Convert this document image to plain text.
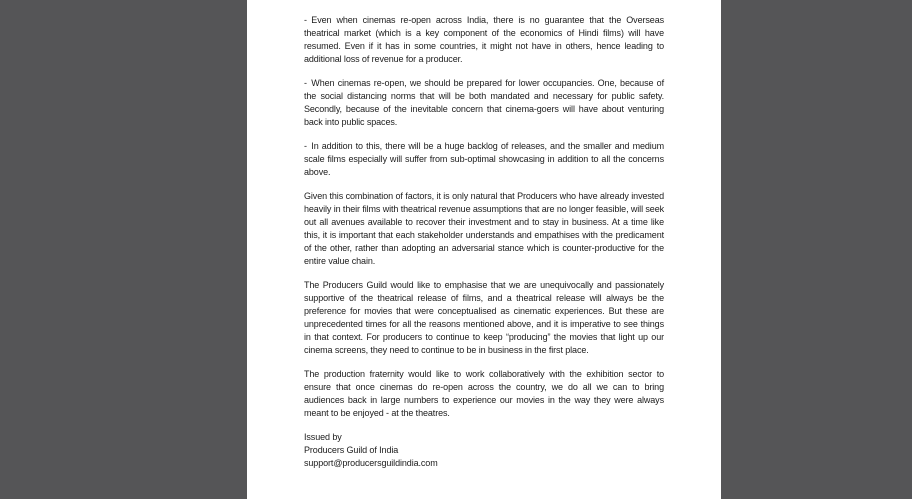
- Even when cinemas re-open across India, there is no guarantee that the Overseas theatrical market (which is a key component of the economics of Hindi films) will have resumed. Even if it has in some countries, it might not have in others, hence leading to additional loss of revenue for a producer.

- When cinemas re-open, we should be prepared for lower occupancies. One, because of the social distancing norms that will be both mandated and necessary for public safety. Secondly, because of the inevitable concern that cinema-goers will have about venturing back into public spaces.

- In addition to this, there will be a huge backlog of releases, and the smaller and medium scale films especially will suffer from sub-optimal showcasing in addition to all the concerns above.

Given this combination of factors, it is only natural that Producers who have already invested heavily in their films with theatrical revenue assumptions that are no longer feasible, will seek out all avenues available to recover their investment and to stay in business. At a time like this, it is important that each stakeholder understands and empathises with the predicament of the other, rather than adopting an adversarial stance which is counter-productive for the entire value chain.

The Producers Guild would like to emphasise that we are unequivocally and passionately supportive of the theatrical release of films, and a theatrical release will always be the preference for movies that were conceptualised as cinematic experiences. But these are unprecedented times for all the reasons mentioned above, and it is imperative to see things in that context. For producers to continue to keep “producing” the movies that light up our cinema screens, they need to continue to be in business in the first place.

The production fraternity would like to work collaboratively with the exhibition sector to ensure that once cinemas do re-open across the country, we do all we can to bring audiences back in large numbers to experience our movies in the way they were always meant to be enjoyed - at the theatres.

Issued by

Producers Guild of India

support@producersguildindia.com
